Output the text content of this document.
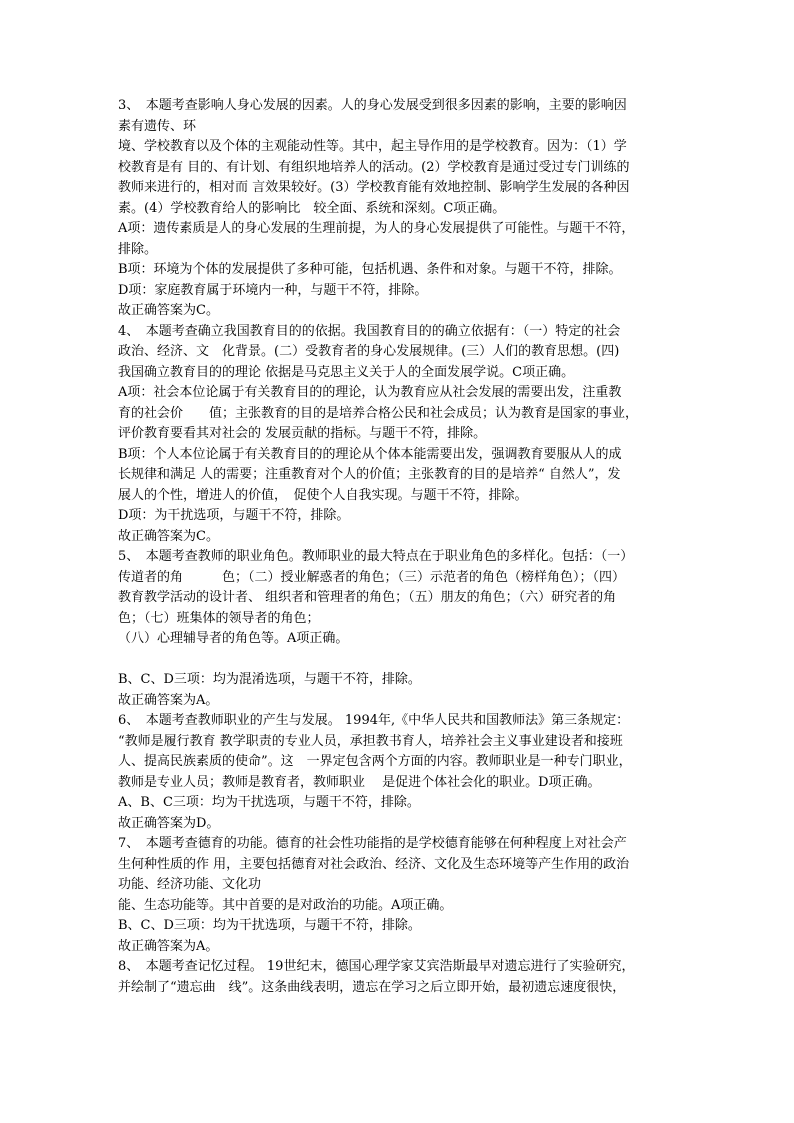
3、　本题考查影响人身心发展的因素。人的身心发展受到很多因素的影响，主要的影响因
素有遗传、环
境、学校教育以及个体的主观能动性等。其中，起主导作用的是学校教育。因为：（1）学
校教育是有 目的、有计划、有组织地培养人的活动。(2）学校教育是通过受过专门训练的
教师来进行的，相对而 言效果较好。(3）学校教育能有效地控制、影响学生发展的各种因
素。(4）学校教育给人的影响比　较全面、系统和深刻。C项正确。
A项：遗传素质是人的身心发展的生理前提，为人的身心发展提供了可能性。与题干不符，
排除。
B项：环境为个体的发展提供了多种可能，包括机遇、条件和对象。与题干不符，排除。
D项：家庭教育属于环境内一种，与题干不符，排除。
故正确答案为C。
4、　本题考查确立我国教育目的的依据。我国教育目的的确立依据有：（一）特定的社会
政治、经济、文　化背景。(二）受教育者的身心发展规律。(三）人们的教育思想。(四)
我国确立教育目的的理论 依据是马克思主义关于人的全面发展学说。C项正确。
A项：社会本位论属于有关教育目的的理论，认为教育应从社会发展的需要出发，注重教
育的社会价　　值；主张教育的目的是培养合格公民和社会成员；认为教育是国家的事业，
评价教育要看其对社会的 发展贡献的指标。与题干不符，排除。
B项：个人本位论属于有关教育目的的理论从个体本能需要出发，强调教育要服从人的成
长规律和满足 人的需要；注重教育对个人的价值；主张教育的目的是培养“ 自然人”，发
展人的个性，增进人的价值，　促使个人自我实现。与题干不符，排除。
D项：为干扰选项，与题干不符，排除。
故正确答案为C。
5、　本题考查教师的职业角色。教师职业的最大特点在于职业角色的多样化。包括：（一）
传道者的角　　　色；（二）授业解惑者的角色；（三）示范者的角色（榜样角色）；（四）
教育教学活动的设计者、 组织者和管理者的角色；（五）朋友的角色；（六）研究者的角
色；（七）班集体的领导者的角色；
（八）心理辅导者的角色等。A项正确。
B、C、D三项：均为混淆选项，与题干不符，排除。
故正确答案为A。
6、　本题考查教师职业的产生与发展。 1994年,《中华人民共和国教师法》第三条规定：
“教师是履行教育 教学职责的专业人员，承担教书育人，培养社会主义事业建设者和接班
人、提高民族素质的使命”。这　一界定包含两个方面的内容。教师职业是一种专门职业，
教师是专业人员；教师是教育者，教师职业　 是促进个体社会化的职业。D项正确。
A、B、C三项：均为干扰选项，与题干不符，排除。
故正确答案为D。
7、　本题考查德育的功能。德育的社会性功能指的是学校德育能够在何种程度上对社会产
生何种性质的作 用，主要包括德育对社会政治、经济、文化及生态环境等产生作用的政治
功能、经济功能、文化功
能、生态功能等。其中首要的是对政治的功能。A项正确。
B、C、D三项：均为干扰选项，与题干不符，排除。
故正确答案为A。
8、　本题考查记忆过程。 19世纪末，德国心理学家艾宾浩斯最早对遗忘进行了实验研究，
并绘制了“遗忘曲　线”。这条曲线表明，遗忘在学习之后立即开始，最初遗忘速度很快，
